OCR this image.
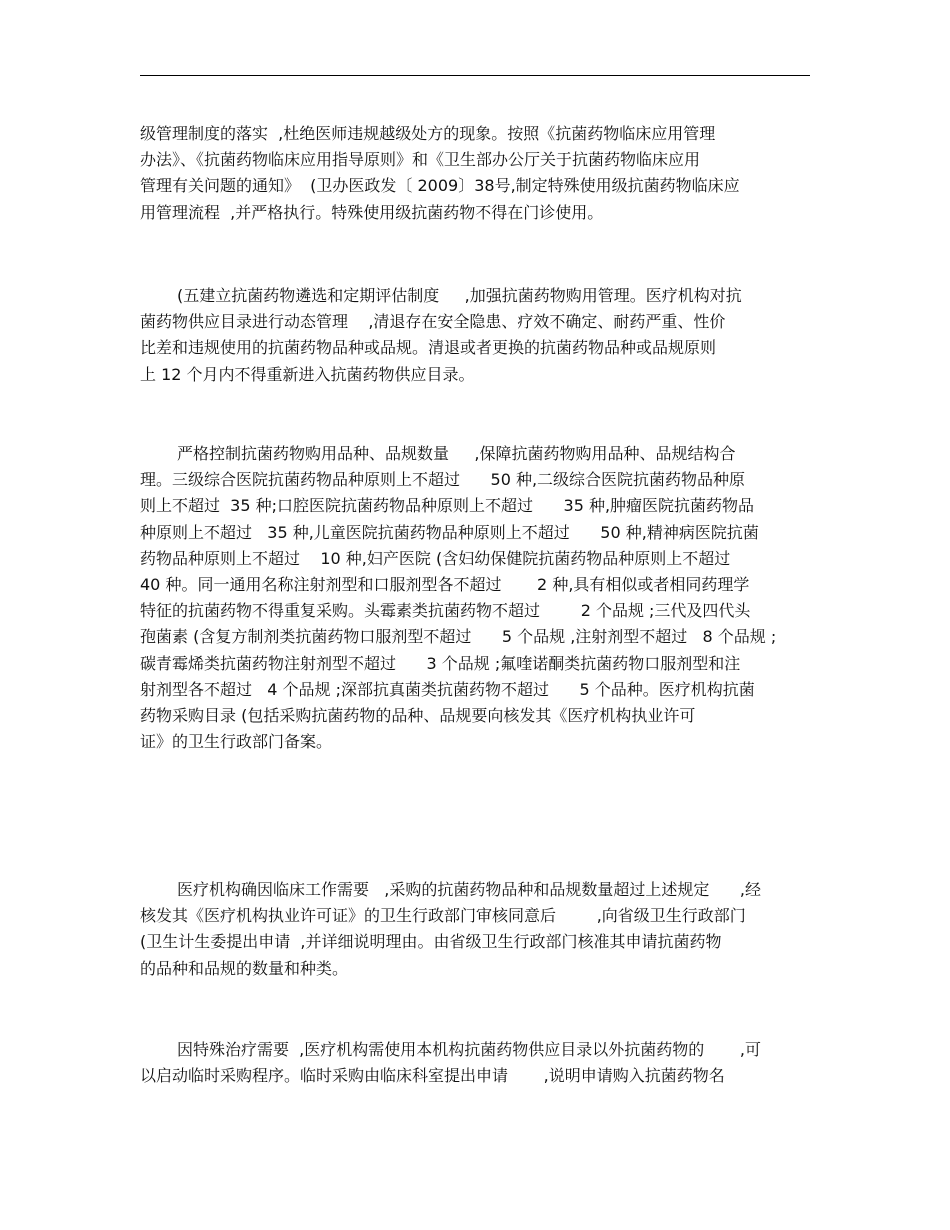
级管理制度的落实  ,杜绝医师违规越级处方的现象。按照《抗菌药物临床应用管理
办法》、《抗菌药物临床应用指导原则》和《卫生部办公厅关于抗菌药物临床应用
管理有关问题的通知》  (卫办医政发〔 2009〕38号,制定特殊使用级抗菌药物临床应
用管理流程  ,并严格执行。特殊使用级抗菌药物不得在门诊使用。
(五建立抗菌药物遴选和定期评估制度     ,加强抗菌药物购用管理。医疗机构对抗
菌药物供应目录进行动态管理    ,清退存在安全隐患、疗效不确定、耐药严重、性价
比差和违规使用的抗菌药物品种或品规。清退或者更换的抗菌药物品种或品规原则
上 12 个月内不得重新进入抗菌药物供应目录。
严格控制抗菌药物购用品种、品规数量     ,保障抗菌药物购用品种、品规结构合
理。三级综合医院抗菌药物品种原则上不超过      50 种,二级综合医院抗菌药物品种原
则上不超过  35 种;口腔医院抗菌药物品种原则上不超过      35 种,肿瘤医院抗菌药物品
种原则上不超过   35 种,儿童医院抗菌药物品种原则上不超过      50 种,精神病医院抗菌
药物品种原则上不超过    10 种,妇产医院 (含妇幼保健院抗菌药物品种原则上不超过
40 种。同一通用名称注射剂型和口服剂型各不超过       2 种,具有相似或者相同药理学
特征的抗菌药物不得重复采购。头霉素类抗菌药物不超过        2 个品规 ;三代及四代头
孢菌素 (含复方制剂类抗菌药物口服剂型不超过      5 个品规 ,注射剂型不超过   8 个品规 ;
碳青霉烯类抗菌药物注射剂型不超过      3 个品规 ;氟喹诺酮类抗菌药物口服剂型和注
射剂型各不超过   4 个品规 ;深部抗真菌类抗菌药物不超过      5 个品种。医疗机构抗菌
药物采购目录 (包括采购抗菌药物的品种、品规要向核发其《医疗机构执业许可
证》的卫生行政部门备案。
医疗机构确因临床工作需要   ,采购的抗菌药物品种和品规数量超过上述规定      ,经
核发其《医疗机构执业许可证》的卫生行政部门审核同意后        ,向省级卫生行政部门
(卫生计生委提出申请  ,并详细说明理由。由省级卫生行政部门核准其申请抗菌药物
的品种和品规的数量和种类。
因特殊治疗需要  ,医疗机构需使用本机构抗菌药物供应目录以外抗菌药物的       ,可
以启动临时采购程序。临时采购由临床科室提出申请       ,说明申请购入抗菌药物名
